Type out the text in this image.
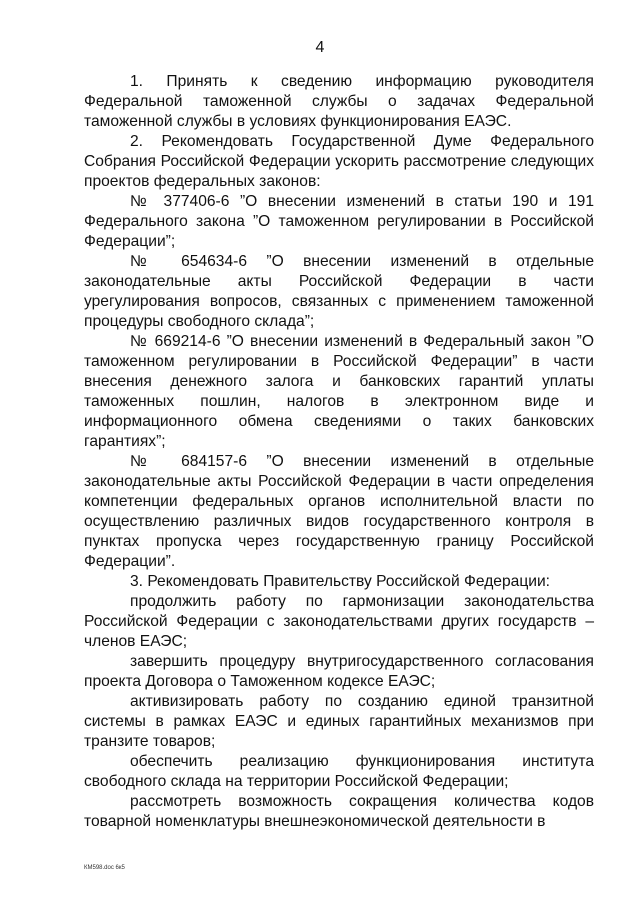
4

1. Принять к сведению информацию руководителя Федеральной таможенной службы о задачах Федеральной таможенной службы в условиях функционирования ЕАЭС.

2. Рекомендовать Государственной Думе Федерального Собрания Российской Федерации ускорить рассмотрение следующих проектов федеральных законов:

№ 377406-6 ”О внесении изменений в статьи 190 и 191 Федерального закона ”О таможенном регулировании в Российской Федерации”;

№ 654634-6 ”О внесении изменений в отдельные законодательные акты Российской Федерации в части урегулирования вопросов, связанных с применением таможенной процедуры свободного склада”;

№ 669214-6 ”О внесении изменений в Федеральный закон ”О таможенном регулировании в Российской Федерации” в части внесения денежного залога и банковских гарантий уплаты таможенных пошлин, налогов в электронном виде и информационного обмена сведениями о таких банковских гарантиях”;

№ 684157-6 ”О внесении изменений в отдельные законодательные акты Российской Федерации в части определения компетенции федеральных органов исполнительной власти по осуществлению различных видов государственного контроля в пунктах пропуска через государственную границу Российской Федерации”.

3. Рекомендовать Правительству Российской Федерации:

продолжить работу по гармонизации законодательства Российской Федерации с законодательствами других государств – членов ЕАЭС;

завершить процедуру внутригосударственного согласования проекта Договора о Таможенном кодексе ЕАЭС;

активизировать работу по созданию единой транзитной системы в рамках ЕАЭС и единых гарантийных механизмов при транзите товаров;

обеспечить реализацию функционирования института свободного склада на территории Российской Федерации;

рассмотреть возможность сокращения количества кодов товарной номенклатуры внешнеэкономической деятельности в

КМ598.doc 6к5
